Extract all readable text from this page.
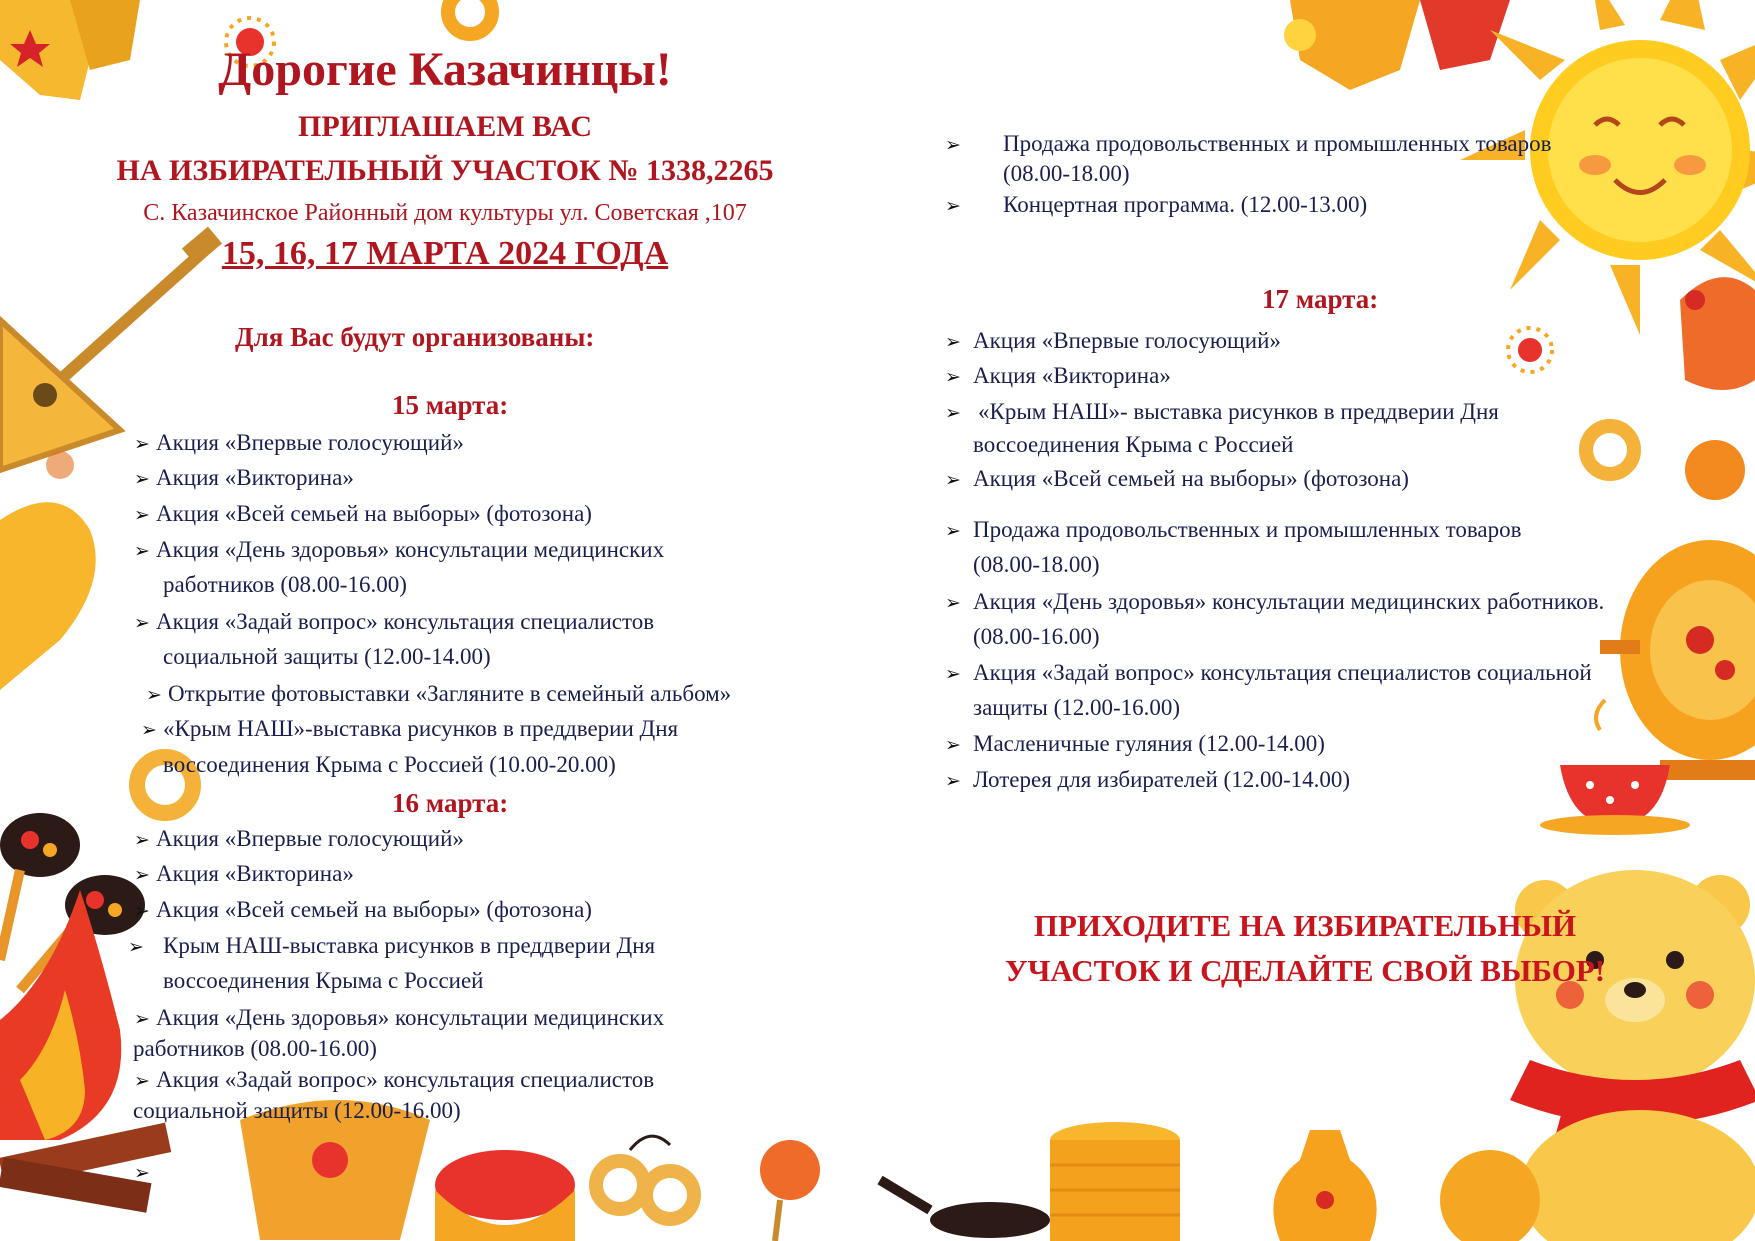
Дорогие Казачинцы!
ПРИГЛАШАЕМ ВАС
НА ИЗБИРАТЕЛЬНЫЙ УЧАСТОК № 1338,2265
С. Казачинское Районный дом культуры ул. Советская ,107
15, 16, 17 МАРТА 2024 ГОДА
Для Вас будут организованы:
15 марта:
➢ Акция «Впервые голосующий»
➢ Акция «Викторина»
➢ Акция «Всей семьей на выборы» (фотозона)
➢ Акция «День здоровья» консультации медицинских
работников (08.00-16.00)
➢ Акция «Задай вопрос» консультация специалистов
социальной защиты (12.00-14.00)
➢ Открытие фотовыставки «Загляните в семейный альбом»
➢ «Крым НАШ»-выставка рисунков в преддверии Дня
воссоединения Крыма с Россией (10.00-20.00)
16 марта:
➢ Акция «Впервые голосующий»
➢ Акция «Викторина»
➢ Акция «Всей семьей на выборы» (фотозона)
➢ Крым НАШ-выставка рисунков в преддверии Дня
воссоединения Крыма с Россией
➢ Акция «День здоровья» консультации медицинских
работников (08.00-16.00)
➢ Акция «Задай вопрос» консультация специалистов
социальной защиты (12.00-16.00)
➢
➢ Продажа продовольственных и промышленных товаров
(08.00-18.00)
➢ Концертная программа. (12.00-13.00)
17 марта:
➢ Акция «Впервые голосующий»
➢ Акция «Викторина»
➢ «Крым НАШ»- выставка рисунков в преддверии Дня
воссоединения Крыма с Россией
➢ Акция «Всей семьей на выборы» (фотозона)
➢ Продажа продовольственных и промышленных товаров
(08.00-18.00)
➢ Акция «День здоровья» консультации медицинских работников.
(08.00-16.00)
➢ Акция «Задай вопрос» консультация специалистов социальной
защиты (12.00-16.00)
➢ Масленичные гуляния (12.00-14.00)
➢ Лотерея для избирателей (12.00-14.00)
ПРИХОДИТЕ НА ИЗБИРАТЕЛЬНЫЙ
УЧАСТОК И СДЕЛАЙТЕ СВОЙ ВЫБОР!
